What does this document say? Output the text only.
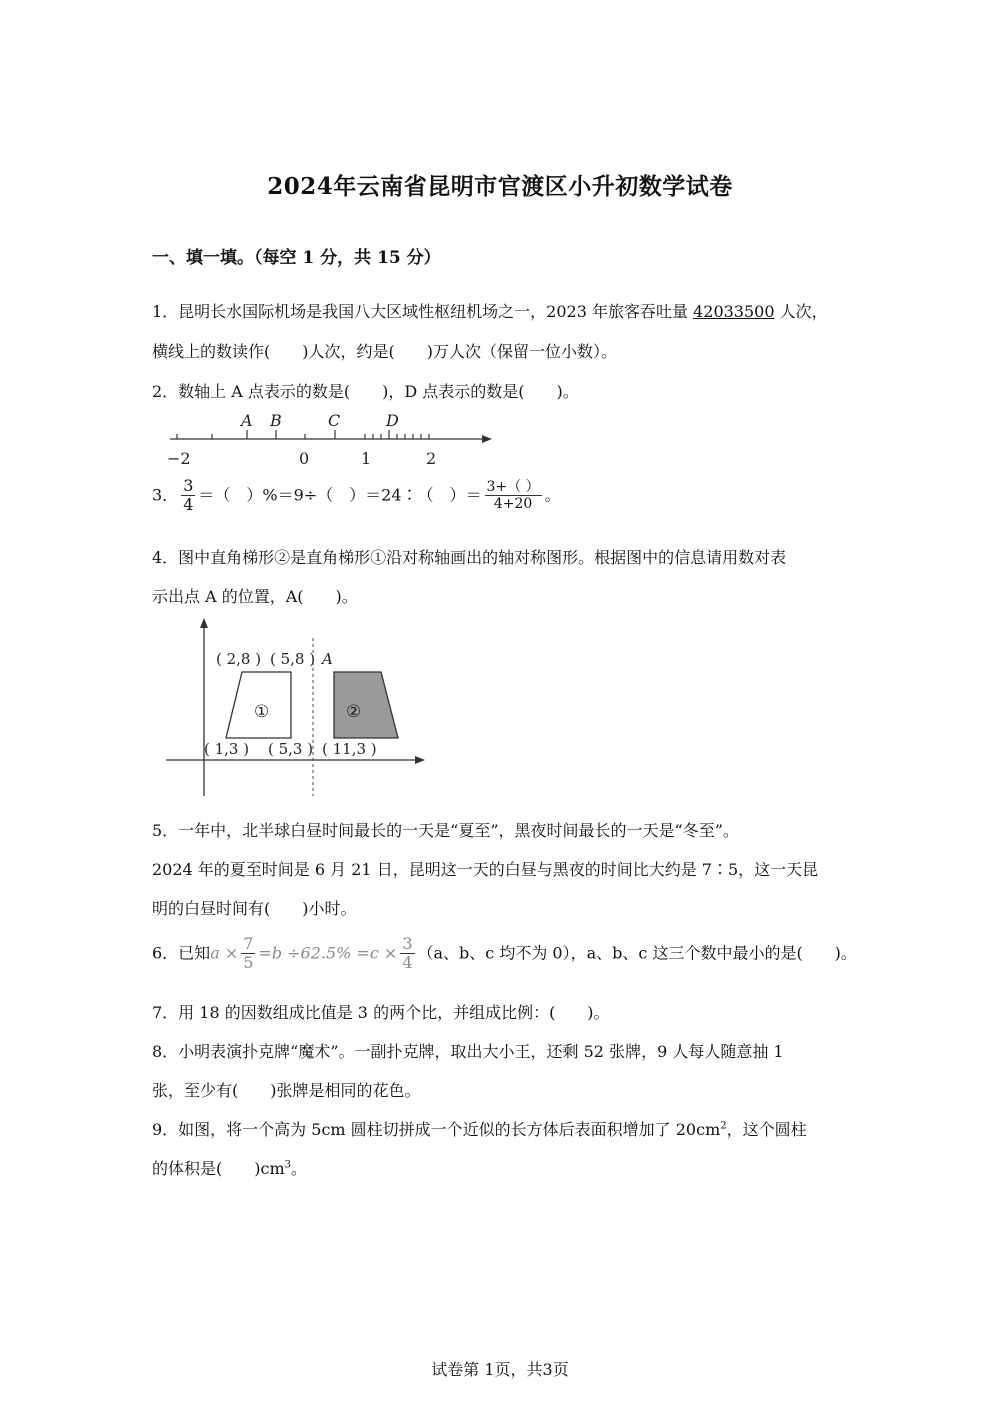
2024年云南省昆明市官渡区小升初数学试卷
一、填一填。（每空 1 分，共 15 分）
1．昆明长水国际机场是我国八大区域性枢纽机场之一，2023 年旅客吞吐量 42033500 人次，
横线上的数读作(　　)人次，约是(　　)万人次（保留一位小数）。
2．数轴上 A 点表示的数是(　　)，D 点表示的数是(　　)。
A B	C	D
−2	0	1	2
3． $\frac{3}{4}$ ＝（　）%＝9÷（　）＝24∶（　）＝ $\frac{3+( )}{4+20}$ 。
4．图中直角梯形②是直角梯形①沿对称轴画出的轴对称图形。根据图中的信息请用数对表
示出点 A 的位置，A(　　)。
( 2,8 ) ( 5,8 ) A
( 1,3 ) ( 5,3 ) ( 11,3 )
①	②
5．一年中，北半球白昼时间最长的一天是“夏至”，黑夜时间最长的一天是“冬至”。
2024 年的夏至时间是 6 月 21 日，昆明这一天的白昼与黑夜的时间比大约是 7∶5，这一天昆
明的白昼时间有(　　)小时。
6．已知$a \times \frac{7}{5} =b \div 62.5\% =c \times \frac{3}{4} (a$、b、c 均不为 0），a、b、c 这三个数中最小的是(　　)。
7．用 18 的因数组成比值是 3 的两个比，并组成比例：(　　)。
8．小明表演扑克牌“魔术”。一副扑克牌，取出大小王，还剩 52 张牌，9 人每人随意抽 1
张，至少有(　　)张牌是相同的花色。
9．如图，将一个高为 5cm 圆柱切拼成一个近似的长方体后表面积增加了 $20cm^2$，这个圆柱
的体积是(　　)$cm^3$。
试卷第 1页，共3页
